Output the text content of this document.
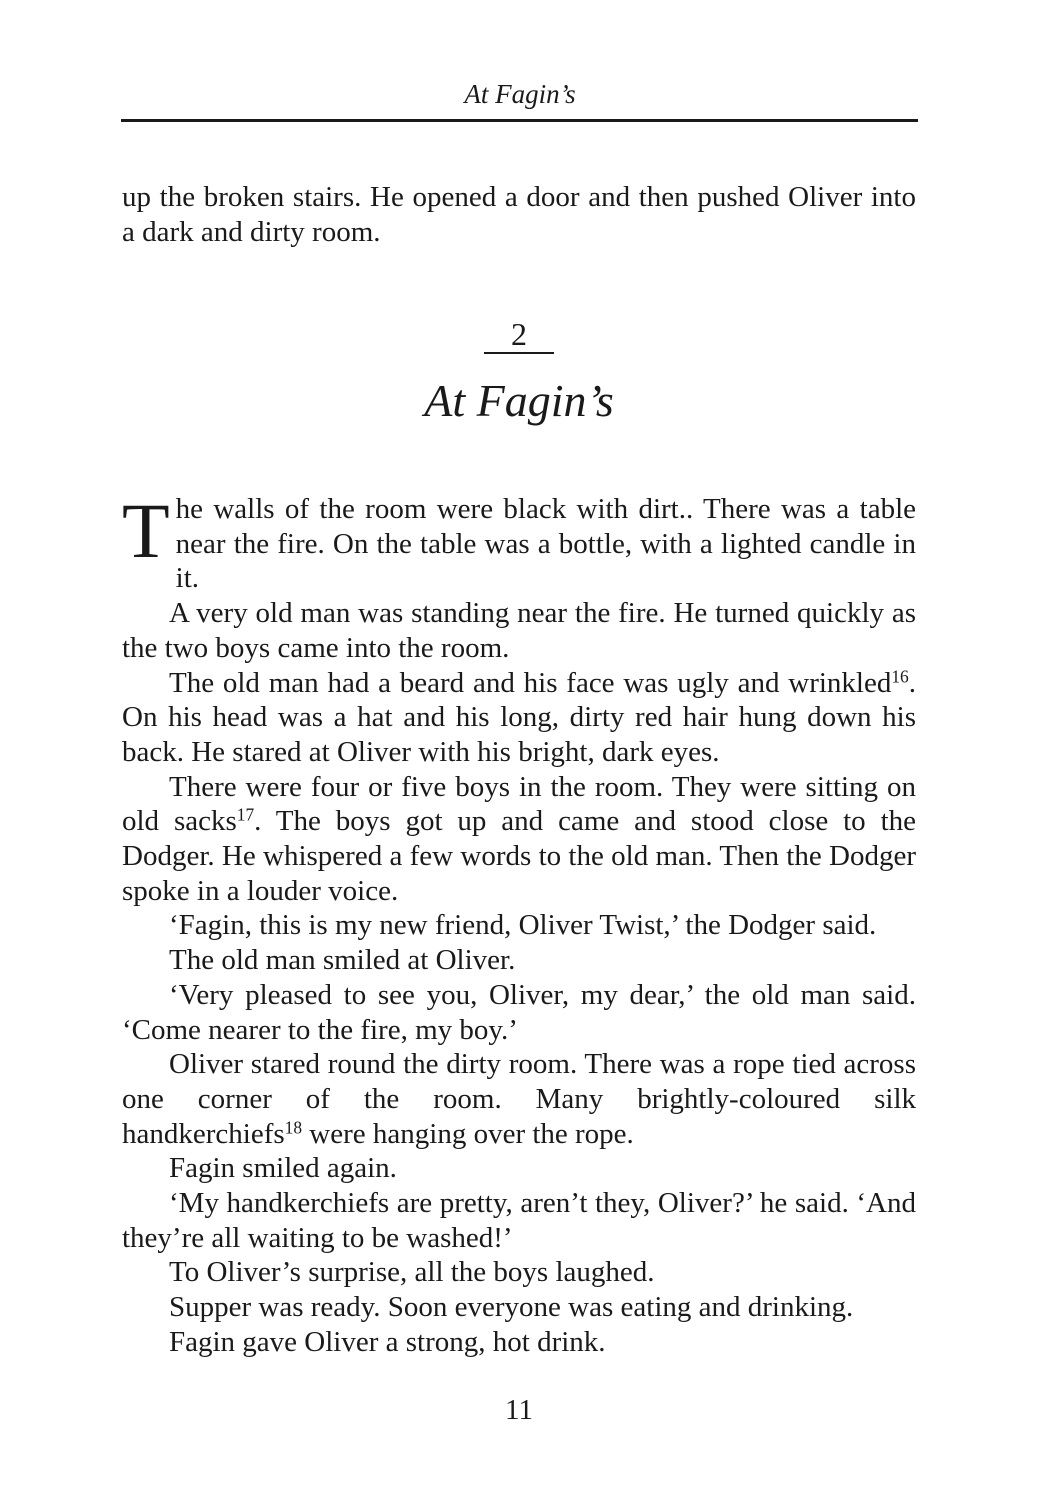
At Fagin’s

up the broken stairs. He opened a door and then pushed Oliver into a dark and dirty room.

2
At Fagin’s

The walls of the room were black with dirt.. There was a table near the fire. On the table was a bottle, with a lighted candle in it.

A very old man was standing near the fire. He turned quickly as the two boys came into the room.

The old man had a beard and his face was ugly and wrinkled$^{16}$. On his head was a hat and his long, dirty red hair hung down his back. He stared at Oliver with his bright, dark eyes.

There were four or five boys in the room. They were sitting on old sacks$^{17}$. The boys got up and came and stood close to the Dodger. He whispered a few words to the old man. Then the Dodger spoke in a louder voice.

‘Fagin, this is my new friend, Oliver Twist,’ the Dodger said.

The old man smiled at Oliver.

‘Very pleased to see you, Oliver, my dear,’ the old man said. ‘Come nearer to the fire, my boy.’

Oliver stared round the dirty room. There was a rope tied across one corner of the room. Many brightly-coloured silk handkerchiefs$^{18}$ were hanging over the rope.

Fagin smiled again.

‘My handkerchiefs are pretty, aren’t they, Oliver?’ he said. ‘And they’re all waiting to be washed!’

To Oliver’s surprise, all the boys laughed.

Supper was ready. Soon everyone was eating and drinking.

Fagin gave Oliver a strong, hot drink.

11
